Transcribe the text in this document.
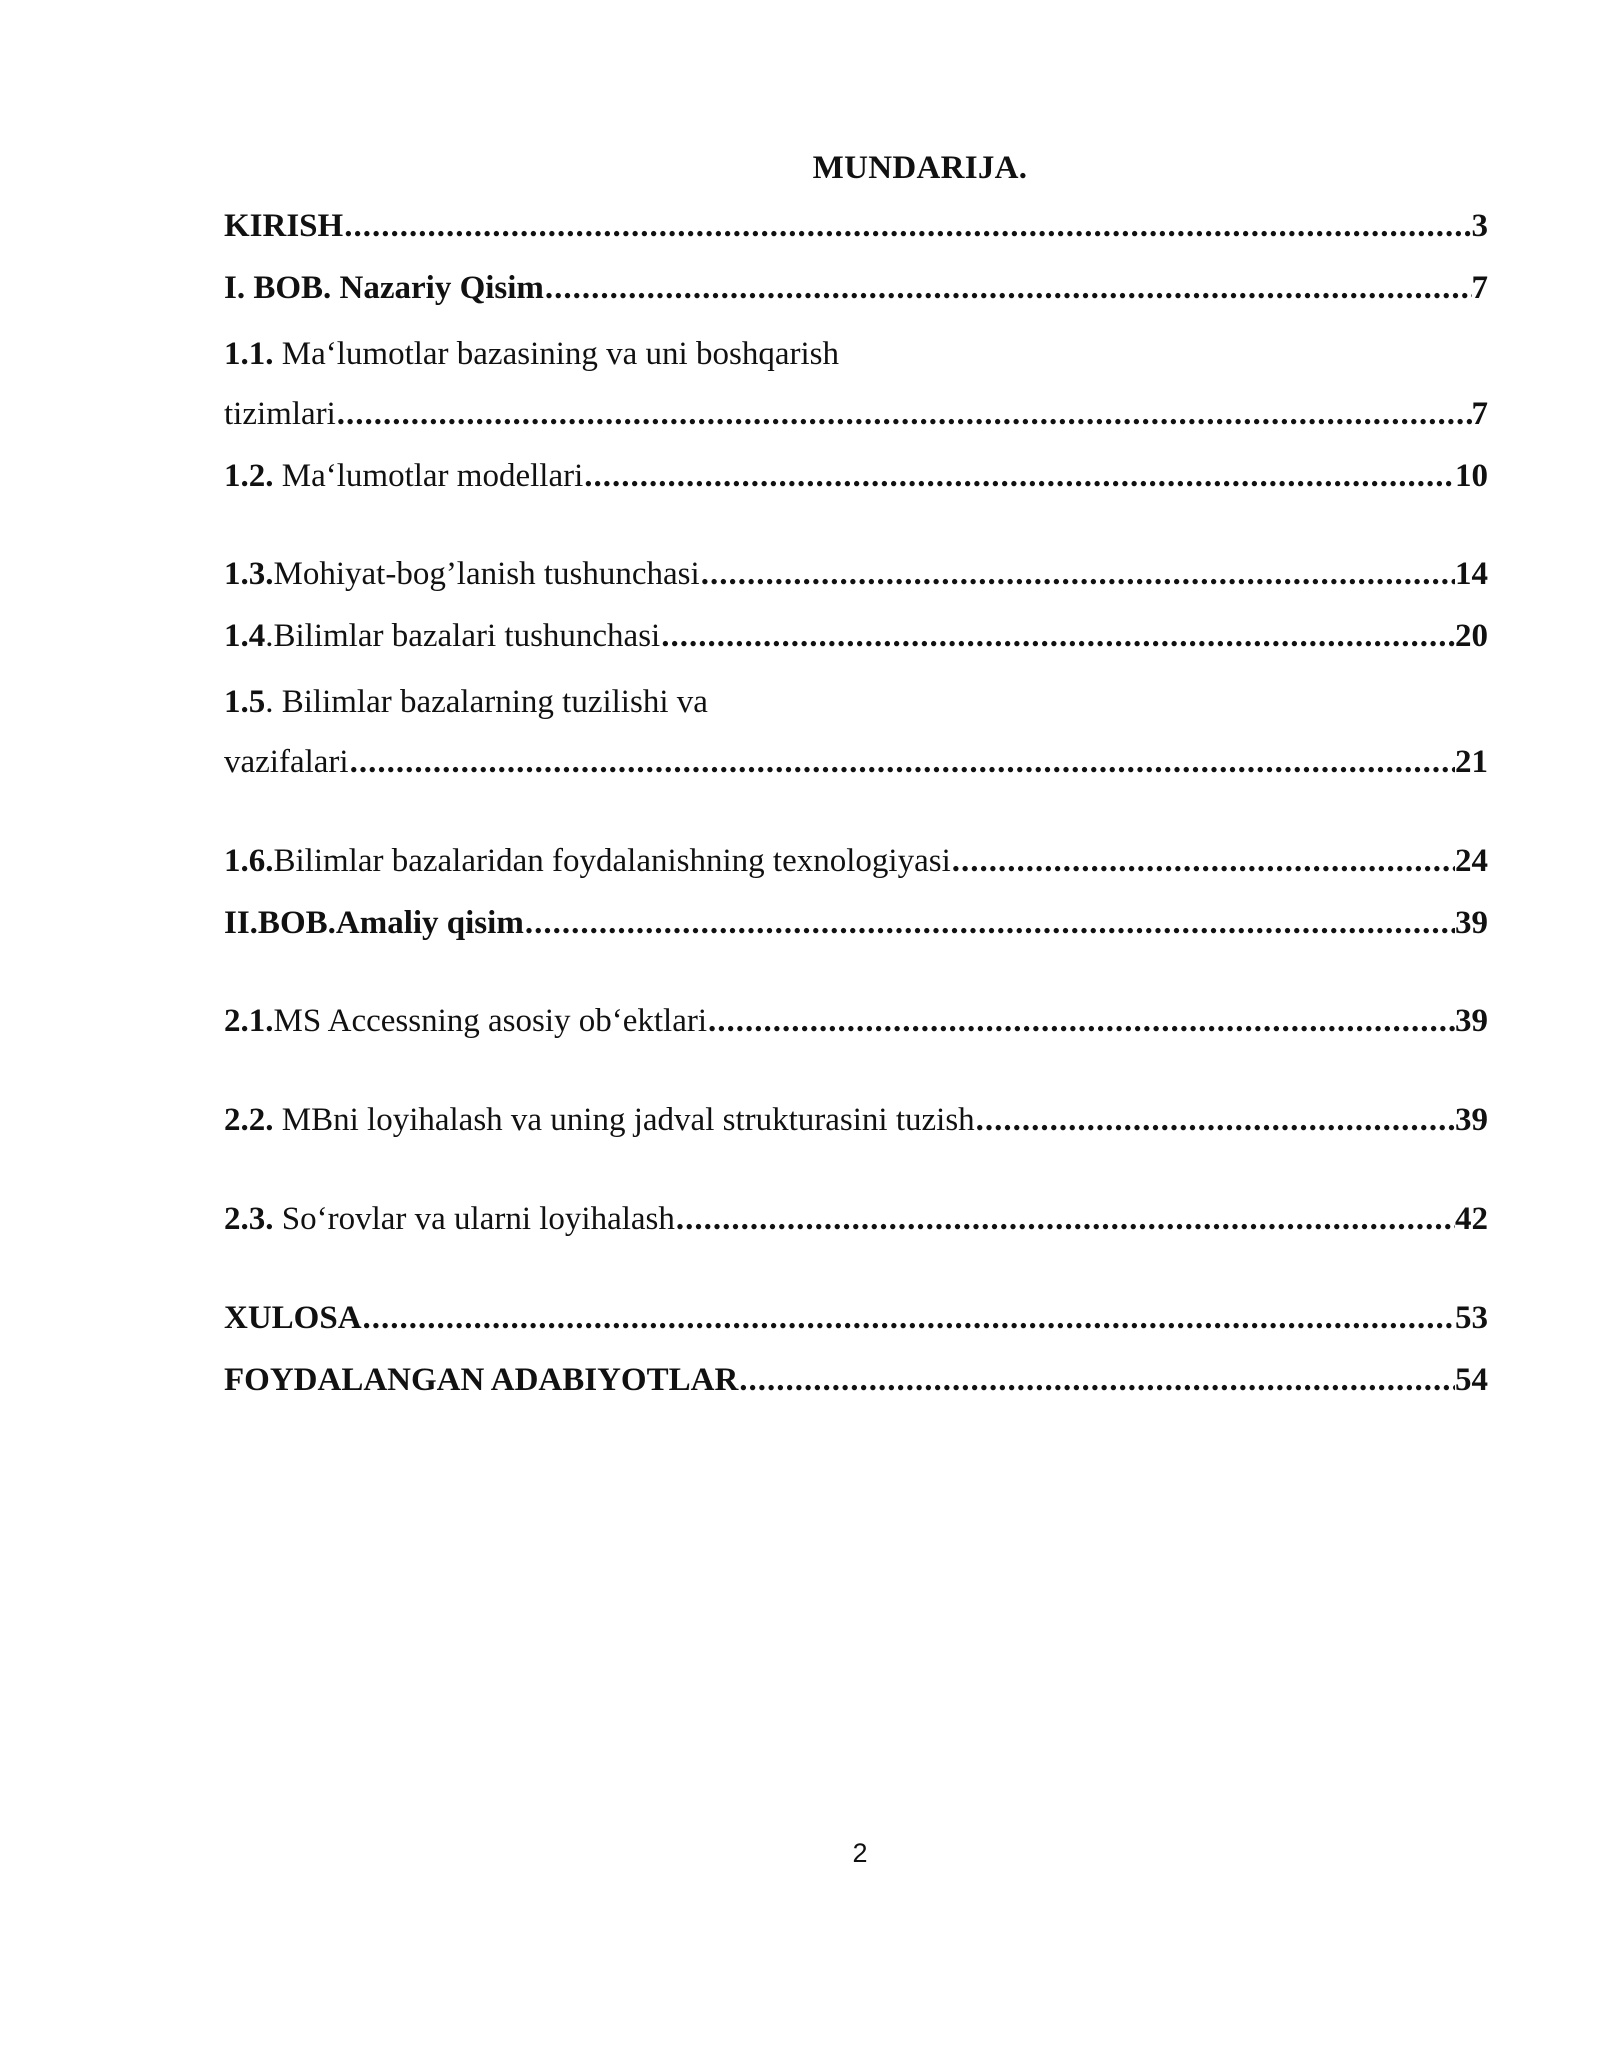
MUNDARIJA.
KIRISH .....	3
I. BOB. Nazariy Qisim .....	7
1.1. Ma‘lumotlar bazasining va uni boshqarish
tizimlari .....	7
1.2. Ma‘lumotlar modellari .....	10
1.3.Mohiyat-bog’lanish tushunchasi .....	14
1.4.Bilimlar bazalari tushunchasi .....	20
1.5. Bilimlar bazalarning tuzilishi va
vazifalari .....	21
1.6.Bilimlar bazalaridan foydalanishning texnologiyasi .....	24
II.BOB.Amaliy qisim .....	39
2.1.MS Accessning asosiy ob‘ektlari .....	39
2.2. MBni loyihalash va uning jadval strukturasini tuzish .....	39
2.3. So‘rovlar va ularni loyihalash .....	42
XULOSA .....	53
FOYDALANGAN ADABIYOTLAR .....	54
2
